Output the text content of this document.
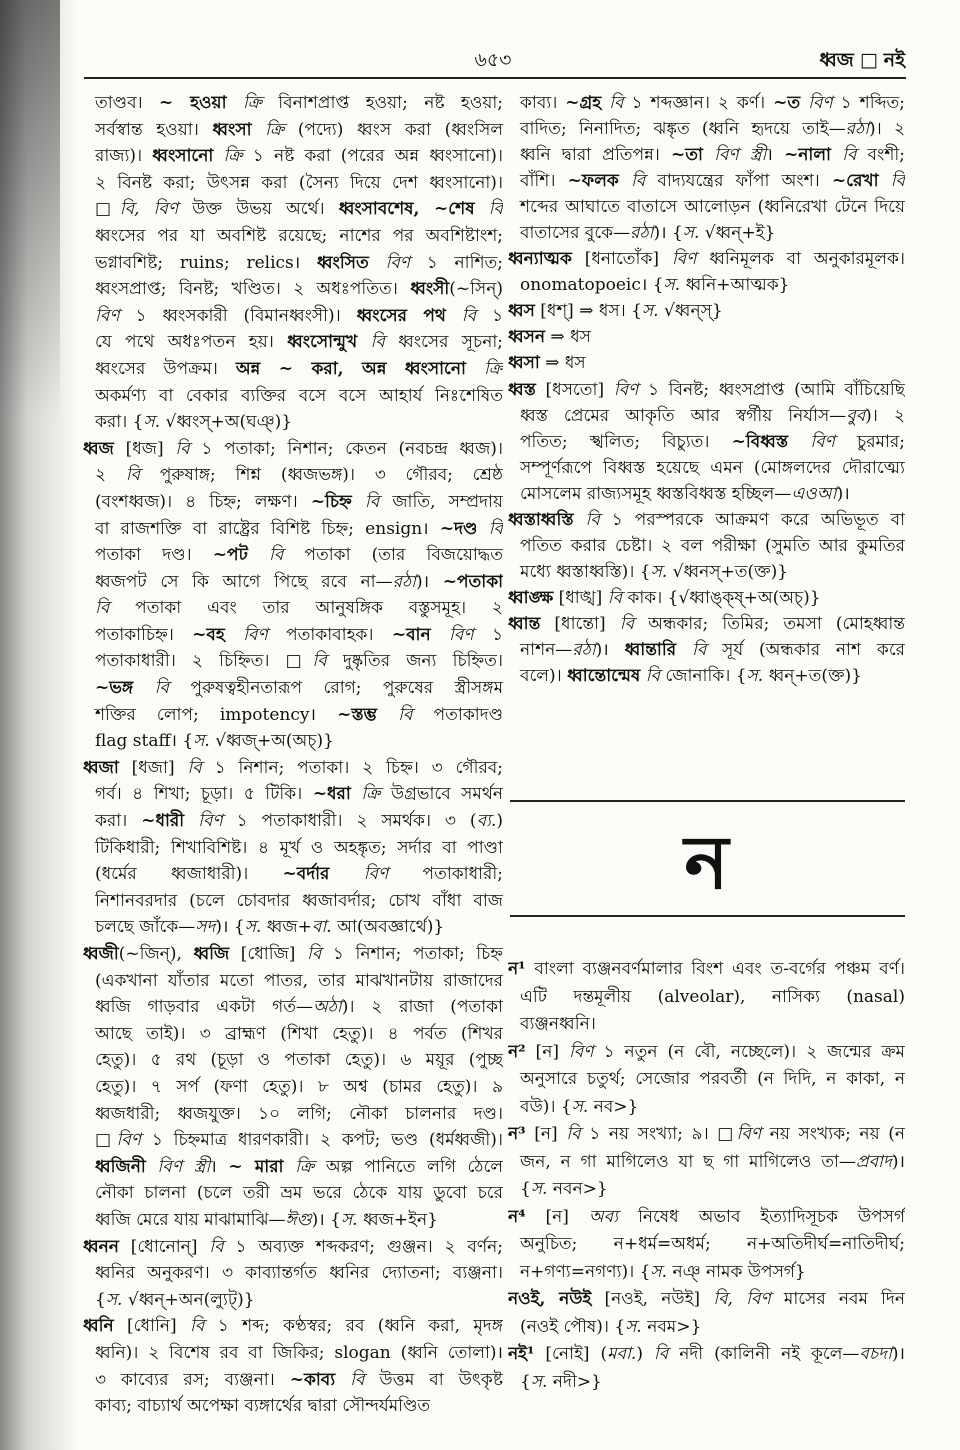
৬৫৩	ধ্বজ □ নই
তাণ্ডব। ~ হওয়া ক্রি বিনাশপ্রাপ্ত হওয়া; নষ্ট হওয়া;
সর্বস্বান্ত হওয়া। ধ্বংসা ক্রি (পদ্যে) ধ্বংস করা (ধ্বংসিল
রাজ্য)। ধ্বংসানো ক্রি ১ নষ্ট করা (পরের অন্ন ধ্বংসানো)।
২ বিনষ্ট করা; উৎসন্ন করা (সৈন্য দিয়ে দেশ ধ্বংসানো)।
□বি, বিণ উক্ত উভয় অর্থে। ধ্বংসাবশেষ, ~শেষ বি
ধ্বংসের পর যা অবশিষ্ট রয়েছে; নাশের পর অবশিষ্টাংশ;
ভগ্নাবশিষ্ট; ruins; relics। ধ্বংসিত বিণ ১ নাশিত;
ধ্বংসপ্রাপ্ত; বিনষ্ট; খণ্ডিত। ২ অধঃপতিত। ধ্বংসী(~সিন্)
বিণ ১ ধ্বংসকারী (বিমানধ্বংসী)। ধ্বংসের পথ বি ১
যে পথে অধঃপতন হয়। ধ্বংসোন্মুখ বি ধ্বংসের সূচনা;
ধ্বংসের উপক্রম। অন্ন ~ করা, অন্ন ধ্বংসানো ক্রি
অকর্মণ্য বা বেকার ব্যক্তির বসে বসে আহার্য নিঃশেষিত
করা। {স. √ধ্বংস্+অ(ঘঞ্)}
ধ্বজ [ধজ] বি ১ পতাকা; নিশান; কেতন (নবচন্দ্র ধ্বজ)।
২ বি পুরুষাঙ্গ; শিশ্ন (ধ্বজভঙ্গ)। ৩ গৌরব; শ্রেষ্ঠ
(বংশধ্বজ)। ৪ চিহ্ন; লক্ষণ। ~চিহ্ন বি জাতি, সম্প্রদায়
বা রাজশক্তি বা রাষ্ট্রের বিশিষ্ট চিহ্ন; ensign। ~দণ্ড বি
পতাকা দণ্ড। ~পট বি পতাকা (তার বিজয়োদ্ধত
ধ্বজপট সে কি আগে পিছে রবে না—রঠা)। ~পতাকা
বি পতাকা এবং তার আনুষঙ্গিক বস্তুসমূহ। ২
পতাকাচিহ্ন। ~বহ বিণ পতাকাবাহক। ~বান বিণ ১
পতাকাধারী। ২ চিহ্নিত। □বি দুষ্কৃতির জন্য চিহ্নিত।
~ভঙ্গ বি পুরুষত্বহীনতারূপ রোগ; পুরুষের স্ত্রীসঙ্গম
শক্তির লোপ; impotency। ~স্তম্ভ বি পতাকাদণ্ড
flag staff। {স. √ধ্বজ্+অ(অচ্)}
ধ্বজা [ধজা] বি ১ নিশান; পতাকা। ২ চিহ্ন। ৩ গৌরব;
গর্ব। ৪ শিখা; চূড়া। ৫ টিকি। ~ধরা ক্রি উগ্রভাবে সমর্থন
করা। ~ধারী বিণ ১ পতাকাধারী। ২ সমর্থক। ৩ (ব্য.)
টিকিধারী; শিখাবিশিষ্ট। ৪ মূর্খ ও অহঙ্কৃত; সর্দার বা পাণ্ডা
(ধর্মের ধ্বজাধারী)। ~বর্দার বিণ পতাকাধারী;
নিশানবরদার (চলে চোবদার ধ্বজাবর্দার; চোখ বাঁধা বাজ
চলছে জাঁকে—সদ)। {স. ধ্বজ+বা. আ(অবজ্ঞার্থে)}
ধ্বজী(~জিন্), ধ্বজি [ধোজি] বি ১ নিশান; পতাকা; চিহ্ন
(একখানা যাঁতার মতো পাতর, তার মাঝখানটায় রাজাদের
ধ্বজি গাড়বার একটা গর্ত—অঠা)। ২ রাজা (পতাকা
আছে তাই)। ৩ ব্রাহ্মণ (শিখা হেতু)। ৪ পর্বত (শিখর
হেতু)। ৫ রথ (চূড়া ও পতাকা হেতু)। ৬ ময়ূর (পুচ্ছ
হেতু)। ৭ সর্প (ফণা হেতু)। ৮ অশ্ব (চামর হেতু)। ৯
ধ্বজধারী; ধ্বজযুক্ত। ১০ লগি; নৌকা চালনার দণ্ড।
□বিণ ১ চিহ্নমাত্র ধারণকারী। ২ কপট; ভণ্ড (ধর্মধ্বজী)।
ধ্বজিনী বিণ স্ত্রী। ~ মারা ক্রি অল্প পানিতে লগি ঠেলে
নৌকা চালনা (চলে তরী ভ্রম ভরে ঠেকে যায় ডুবো চরে
ধ্বজি মেরে যায় মাঝামাঝি—ঈগু)। {স. ধ্বজ+ইন}
ধ্বনন [ধোনোন্] বি ১ অব্যক্ত শব্দকরণ; গুঞ্জন। ২ বর্ণন;
ধ্বনির অনুকরণ। ৩ কাব্যান্তর্গত ধ্বনির দ্যোতনা; ব্যঞ্জনা।
{স. √ধ্বন্+অন(ল্যুট্)}
ধ্বনি [ধোনি] বি ১ শব্দ; কণ্ঠস্বর; রব (ধ্বনি করা, মৃদঙ্গ
ধ্বনি)। ২ বিশেষ রব বা জিকির; slogan (ধ্বনি তোলা)।
৩ কাব্যের রস; ব্যঞ্জনা। ~কাব্য বি উত্তম বা উৎকৃষ্ট
কাব্য; বাচ্যার্থ অপেক্ষা ব্যঙ্গার্থের দ্বারা সৌন্দর্যমণ্ডিত
কাব্য। ~গ্রহ বি ১ শব্দজ্ঞান। ২ কর্ণ। ~ত বিণ ১ শব্দিত;
বাদিত; নিনাদিত; ঝঙ্কৃত (ধ্বনি হৃদয়ে তাই—রঠা)। ২
ধ্বনি দ্বারা প্রতিপন্ন। ~তা বিণ স্ত্রী। ~নালা বি বংশী;
বাঁশি। ~ফলক বি বাদ্যযন্ত্রের ফাঁপা অংশ। ~রেখা বি
শব্দের আঘাতে বাতাসে আলোড়ন (ধ্বনিরেখা টেনে দিয়ে
বাতাসের বুকে—রঠা)। {স. √ধ্বন্+ই}
ধ্বন্যাত্মক [ধনাতোঁক] বিণ ধ্বনিমূলক বা অনুকারমূলক।
onomatopoeic। {স. ধ্বনি+আত্মক}
ধ্বস [ধশ্] ⇒ ধস। {স. √ধ্বন্স্}
ধ্বসন ⇒ ধস
ধ্বসা ⇒ ধস
ধ্বস্ত [ধসতো] বিণ ১ বিনষ্ট; ধ্বংসপ্রাপ্ত (আমি বাঁচিয়েছি
ধ্বস্ত প্রেমের আকৃতি আর স্বর্গীয় নির্যাস—বুব)। ২
পতিত; স্খলিত; বিচ্যুত। ~বিধ্বস্ত বিণ চুরমার;
সম্পূর্ণরূপে বিধ্বস্ত হয়েছে এমন (মোঙ্গলদের দৌরাত্ম্যে
মোসলেম রাজ্যসমূহ ধ্বস্তবিধ্বস্ত হচ্ছিল—এওআ)।
ধ্বস্তাধ্বস্তি বি ১ পরস্পরকে আক্রমণ করে অভিভূত বা
পতিত করার চেষ্টা। ২ বল পরীক্ষা (সুমতি আর কুমতির
মধ্যে ধ্বস্তাধ্বস্তি)। {স. √ধ্বনস্+ত(ক্ত)}
ধ্বাঙ্ক্ষ [ধাঙ্খ] বি কাক। {√ধ্বাঙ্ক্ষ্+অ(অচ্)}
ধ্বান্ত [ধান্তো] বি অন্ধকার; তিমির; তমসা (মোহধ্বান্ত
নাশন—রঠা)। ধ্বান্তারি বি সূর্য (অন্ধকার নাশ করে
বলে)। ধ্বান্তোন্মেষ বি জোনাকি। {স. ধ্বন্+ত(ক্ত)}
ন
ন¹ বাংলা ব্যঞ্জনবর্ণমালার বিংশ এবং ত-বর্গের পঞ্চম বর্ণ।
এটি দন্তমূলীয় (alveolar), নাসিক্য (nasal)
ব্যঞ্জনধ্বনি।
ন² [ন] বিণ ১ নতুন (ন বৌ, নচ্ছেলে)। ২ জন্মের ক্রম
অনুসারে চতুর্থ; সেজোর পরবর্তী (ন দিদি, ন কাকা, ন
বউ)। {স. নব>}
ন³ [ন] বি ১ নয় সংখ্যা; ৯। □বিণ নয় সংখ্যক; নয় (ন
জন, ন গা মাগিলেও যা ছ গা মাগিলেও তা—প্রবাদ)।
{স. নবন>}
ন⁴ [ন] অব্য নিষেধ অভাব ইত্যাদিসূচক উপসর্গ
অনুচিত; ন+ধর্ম=অধর্ম; ন+অতিদীর্ঘ=নাতিদীর্ঘ;
ন+গণ্য=নগণ্য)। {স. নঞ্ নামক উপসর্গ}
নওই, নউই [নওই, নউই] বি, বিণ মাসের নবম দিন
(নওই পৌষ)। {স. নবম>}
নই¹ [নোই] (মবা.) বি নদী (কালিনী নই কূলে—বচদা)।
{স. নদী>}
